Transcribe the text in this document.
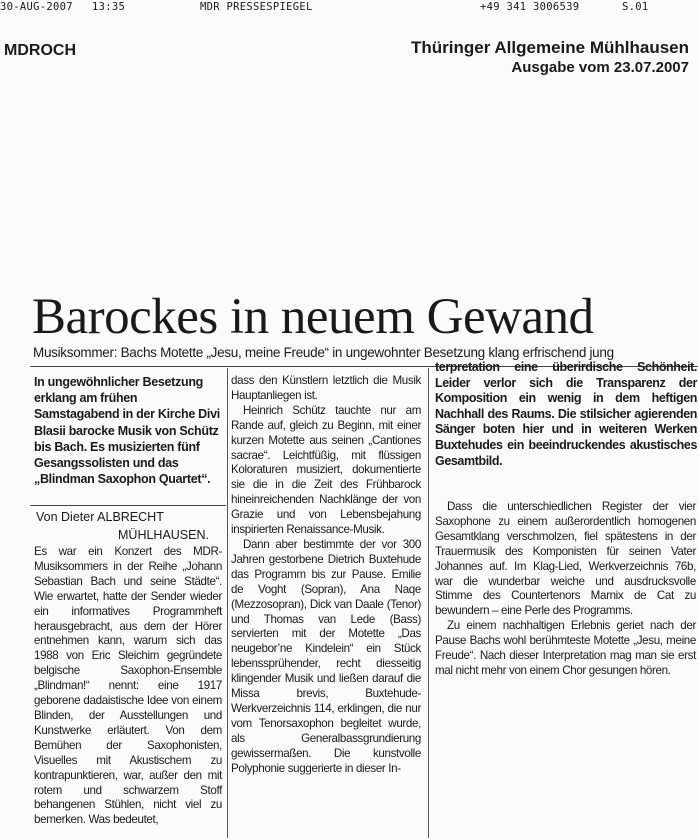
30-AUG-2007 13:35	MDR PRESSESPIEGEL	+49 341 3006539	S.01
MDROCH	Thüringer Allgemeine Mühlhausen
Ausgabe vom 23.07.2007
Barockes in neuem Gewand
Musiksommer: Bachs Motette „Jesu, meine Freude“ in ungewohnter Besetzung klang erfrischend jung

In ungewöhnlicher Besetzung erklang am frühen Samstagabend in der Kirche Divi Blasii barocke Musik von Schütz bis Bach. Es musizierten fünf Gesangssolisten und das „Blindman Saxophon Quartet“.

Von Dieter ALBRECHT
MÜHLHAUSEN.

Es war ein Konzert des MDR-Musiksommers in der Reihe „Johann Sebastian Bach und seine Städte“. Wie erwartet, hatte der Sender wieder ein informatives Programmheft herausgebracht, aus dem der Hörer entnehmen kann, warum sich das 1988 von Eric Sleichim gegründete belgische Saxophon-Ensemble „Blindman!“ nennt: eine 1917 geborene dadaistische Idee von einem Blinden, der Ausstellungen und Kunstwerke erläutert. Von dem Bemühen der Saxophonisten, Visuelles mit Akustischem zu kontrapunktieren, war, außer den mit rotem und schwarzem Stoff behangenen Stühlen, nicht viel zu bemerken. Was bedeutet,

dass den Künstlern letztlich die Musik Hauptanliegen ist.

Heinrich Schütz tauchte nur am Rande auf, gleich zu Beginn, mit einer kurzen Motette aus seinen „Cantiones sacrae“. Leichtfüßig, mit flüssigen Koloraturen musiziert, dokumentierte sie die in die Zeit des Frühbarock hineinreichenden Nachklänge der von Grazie und von Lebensbejahung inspirierten Renaissance-Musik.

Dann aber bestimmte der vor 300 Jahren gestorbene Dietrich Buxtehude das Programm bis zur Pause. Emilie de Voght (Sopran), Ana Naqe (Mezzosopran), Dick van Daale (Tenor) und Thomas van Lede (Bass) servierten mit der Motette „Das neugebor’ne Kindelein“ ein Stück lebenssprühender, recht diesseitig klingender Musik und ließen darauf die Missa brevis, Buxtehude-Werkverzeichnis 114, erklingen, die nur vom Tenorsaxophon begleitet wurde, als Generalbassgrundierung gewissermaßen. Die kunstvolle Polyphonie suggerierte in dieser In-

terpretation eine überirdische Schönheit. Leider verlor sich die Transparenz der Komposition ein wenig in dem heftigen Nachhall des Raums. Die stilsicher agierenden Sänger boten hier und in weiteren Werken Buxtehudes ein beeindruckendes akustisches Gesamtbild.

Dass die unterschiedlichen Register der vier Saxophone zu einem außerordentlich homogenen Gesamtklang verschmolzen, fiel spätestens in der Trauermusik des Komponisten für seinen Vater Johannes auf. Im Klag-Lied, Werkverzeichnis 76b, war die wunderbar weiche und ausdrucksvolle Stimme des Countertenors Marnix de Cat zu bewundern – eine Perle des Programms.

Zu einem nachhaltigen Erlebnis geriet nach der Pause Bachs wohl berühmteste Motette „Jesu, meine Freude“. Nach dieser Interpretation mag man sie erst mal nicht mehr von einem Chor gesungen hören.
